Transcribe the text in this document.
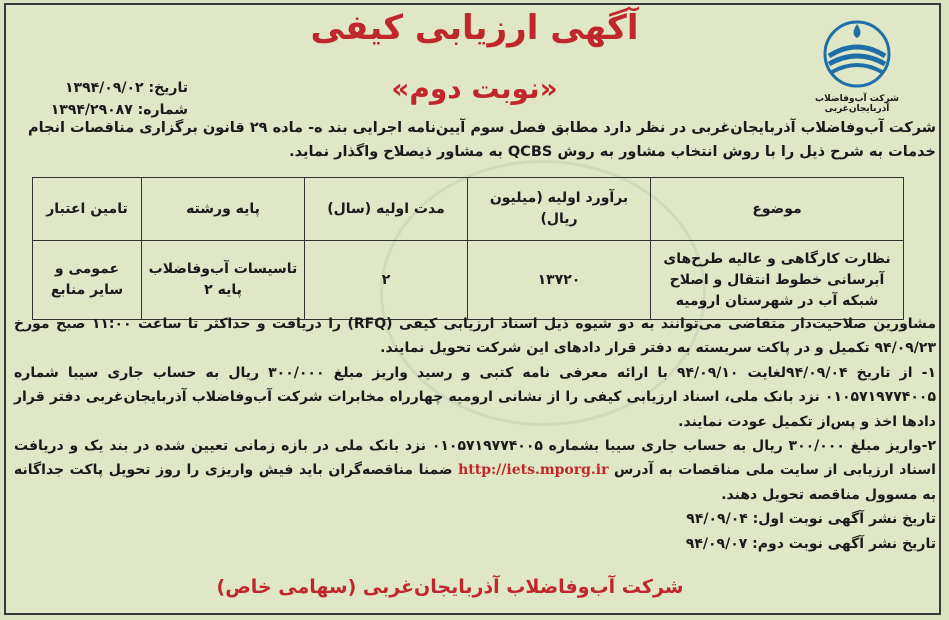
شرکت آب‌وفاضلاب آذربایجان‌غربی
آگهی ارزیابی کیفی
«نوبت دوم»
تاریخ: ۱۳۹۴/۰۹/۰۲
شماره: ۱۳۹۴/۲۹۰۸۷
شرکت آب‌وفاضلاب آذربایجان‌غربی در نظر دارد مطابق فصل سوم آیین‌نامه اجرایی بند ه- ماده ۲۹ قانون برگزاری مناقصات انجام خدمات به شرح ذیل را با روش انتخاب مشاور به روش QCBS به مشاور ذیصلاح واگذار نماید.
موضوع	برآورد اولیه (میلیون ریال)	مدت اولیه (سال)	پایه ورشته	تامین اعتبار
نظارت کارگاهی و عالیه طرح‌های آبرسانی خطوط انتقال و اصلاح شبکه آب در شهرستان ارومیه	۱۳۷۲۰	۲	تاسیسات آب‌وفاضلاب پایه ۲	عمومی و سایر منابع

مشاورین صلاحیت‌دار متقاضی می‌توانند به دو شیوه ذیل اسناد ارزیابی کیفی (RFQ) را دریافت و حداکثر تا ساعت ۱۱:۰۰ صبح مورخ ۹۴/۰۹/۲۳ تکمیل و در پاکت سربسته به دفتر قرار دادهای این شرکت تحویل نمایند.

۱- از تاریخ ۹۴/۰۹/۰۴لغایت ۹۴/۰۹/۱۰ با ارائه معرفی نامه کتبی و رسید واریز مبلغ ۳۰۰/۰۰۰ ریال به حساب جاری سیبا شماره ۰۱۰۵۷۱۹۷۷۴۰۰۵ نزد بانک ملی، اسناد ارزیابی کیفی را از نشانی ارومیه چهارراه مخابرات شرکت آب‌وفاضلاب آذربایجان‌غربی دفتر قرار دادها اخذ و پس‌از تکمیل عودت نمایند.

۲-واریز مبلغ ۳۰۰/۰۰۰ ریال به حساب جاری سیبا بشماره ۰۱۰۵۷۱۹۷۷۴۰۰۵ نزد بانک ملی در بازه زمانی تعیین شده در بند یک و دریافت اسناد ارزیابی از سایت ملی مناقصات به آدرس http://iets.mporg.ir ضمنا مناقصه‌گران باید فیش واریزی را روز تحویل پاکت جداگانه به مسوول مناقصه تحویل دهند.

تاریخ نشر آگهی نوبت اول: ۹۴/۰۹/۰۴

تاریخ نشر آگهی نوبت دوم: ۹۴/۰۹/۰۷

شرکت آب‌وفاضلاب آذربایجان‌غربی (سهامی خاص)
